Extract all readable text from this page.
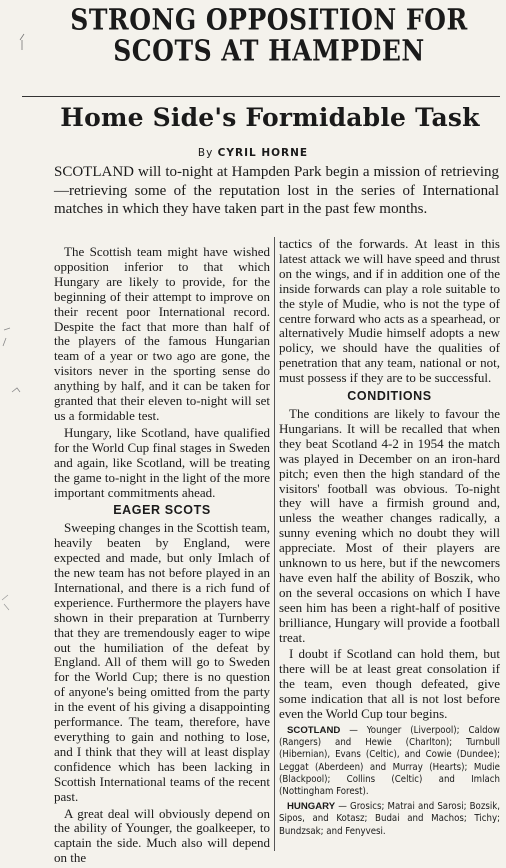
STRONG OPPOSITION FOR
SCOTS AT HAMPDEN
Home Side's Formidable Task
By CYRIL HORNE
SCOTLAND will to-night at Hampden Park begin a mission of retrieving—retrieving some of the reputation lost in the series of International matches in which they have taken part in the past few months.

The Scottish team might have wished opposition inferior to that which Hungary are likely to provide, for the beginning of their attempt to improve on their recent poor International record. Despite the fact that more than half of the players of the famous Hungarian team of a year or two ago are gone, the visitors never in the sporting sense do anything by half, and it can be taken for granted that their eleven to-night will set us a formidable test.

Hungary, like Scotland, have qualified for the World Cup final stages in Sweden and again, like Scotland, will be treating the game to-night in the light of the more important commitments ahead.

EAGER SCOTS

Sweeping changes in the Scottish team, heavily beaten by England, were expected and made, but only Imlach of the new team has not before played in an International, and there is a rich fund of experience. Furthermore the players have shown in their preparation at Turnberry that they are tremendously eager to wipe out the humiliation of the defeat by England. All of them will go to Sweden for the World Cup; there is no question of anyone's being omitted from the party in the event of his giving a disappointing performance. The team, therefore, have everything to gain and nothing to lose, and I think that they will at least display confidence which has been lacking in Scottish International teams of the recent past.

A great deal will obviously depend on the ability of Younger, the goalkeeper, to captain the side. Much also will depend on the

tactics of the forwards. At least in this latest attack we will have speed and thrust on the wings, and if in addition one of the inside forwards can play a role suitable to the style of Mudie, who is not the type of centre forward who acts as a spearhead, or alternatively Mudie himself adopts a new policy, we should have the qualities of penetration that any team, national or not, must possess if they are to be successful.

CONDITIONS

The conditions are likely to favour the Hungarians. It will be recalled that when they beat Scotland 4-2 in 1954 the match was played in December on an iron-hard pitch; even then the high standard of the visitors' football was obvious. To-night they will have a firmish ground and, unless the weather changes radically, a sunny evening which no doubt they will appreciate. Most of their players are unknown to us here, but if the newcomers have even half the ability of Boszik, who on the several occasions on which I have seen him has been a right-half of positive brilliance, Hungary will provide a football treat.

I doubt if Scotland can hold them, but there will be at least great consolation if the team, even though defeated, give some indication that all is not lost before even the World Cup tour begins.

SCOTLAND — Younger (Liverpool); Caldow (Rangers) and Hewie (Charlton); Turnbull (Hibernian), Evans (Celtic), and Cowie (Dundee); Leggat (Aberdeen) and Murray (Hearts); Mudie (Blackpool); Collins (Celtic) and Imlach (Nottingham Forest).

HUNGARY — Grosics; Matrai and Sarosi; Bozsik, Sipos, and Kotasz; Budai and Machos; Tichy; Bundzsak; and Fenyvesi.
